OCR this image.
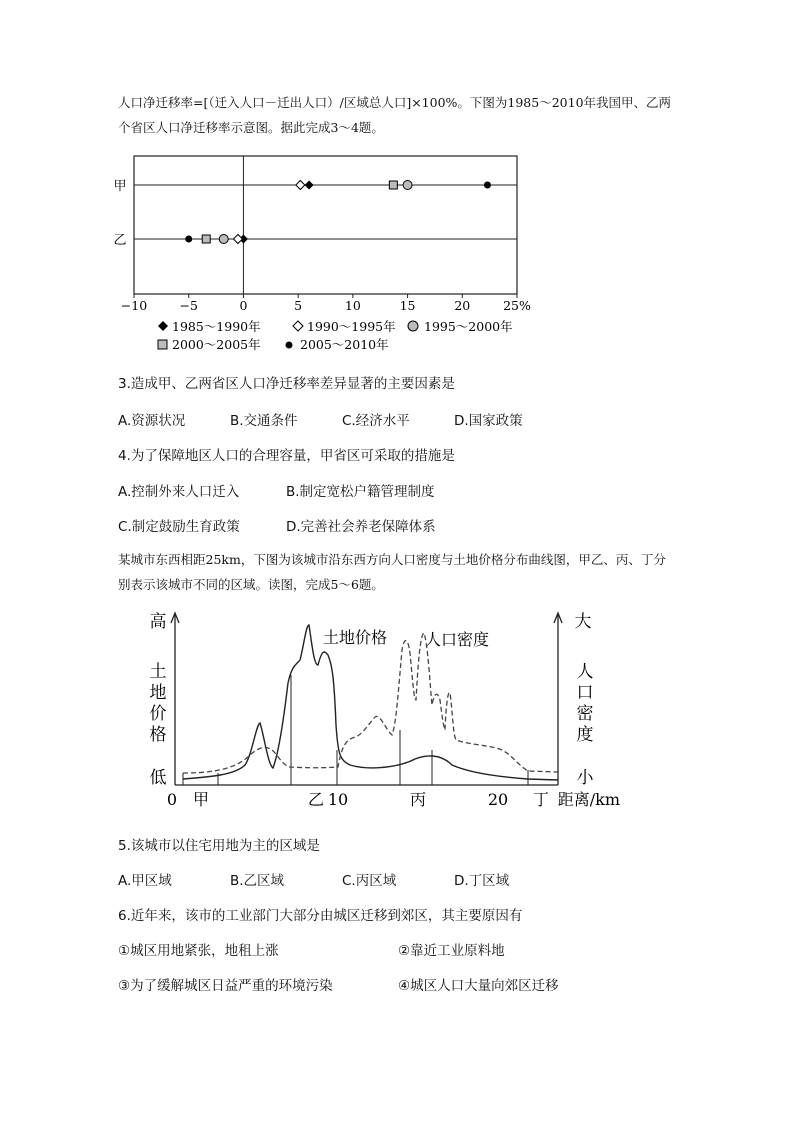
人口净迁移率=[（迁入人口－迁出人口）/区域总人口]×100%。下图为1985～2010年我国甲、乙两个省区人口净迁移率示意图。据此完成3～4题。
甲
乙
−10	−5	0	5	10	15	20	25%
1985～1990年	1990～1995年 1995～2000年
2000～2005年	2005～2010年
3.造成甲、乙两省区人口净迁移率差异显著的主要因素是
A.资源状况	B.交通条件	C.经济水平	D.国家政策
4.为了保障地区人口的合理容量，甲省区可采取的措施是
A.控制外来人口迁入	B.制定宽松户籍管理制度
C.制定鼓励生育政策	D.完善社会养老保障体系
某城市东西相距25km，下图为该城市沿东西方向人口密度与土地价格分布曲线图，甲乙、丙、丁分别表示该城市不同的区域。读图，完成5～6题。
高
低
土
地
价
格
大
小
人
口
密
度
土地价格 人口密度
0	10	20
甲	乙	丙	丁 距离/km
5.该城市以住宅用地为主的区域是
A.甲区域	B.乙区域	C.丙区域	D.丁区域
6.近年来，该市的工业部门大部分由城区迁移到郊区，其主要原因有
①城区用地紧张，地租上涨	②靠近工业原料地
③为了缓解城区日益严重的环境污染	④城区人口大量向郊区迁移
